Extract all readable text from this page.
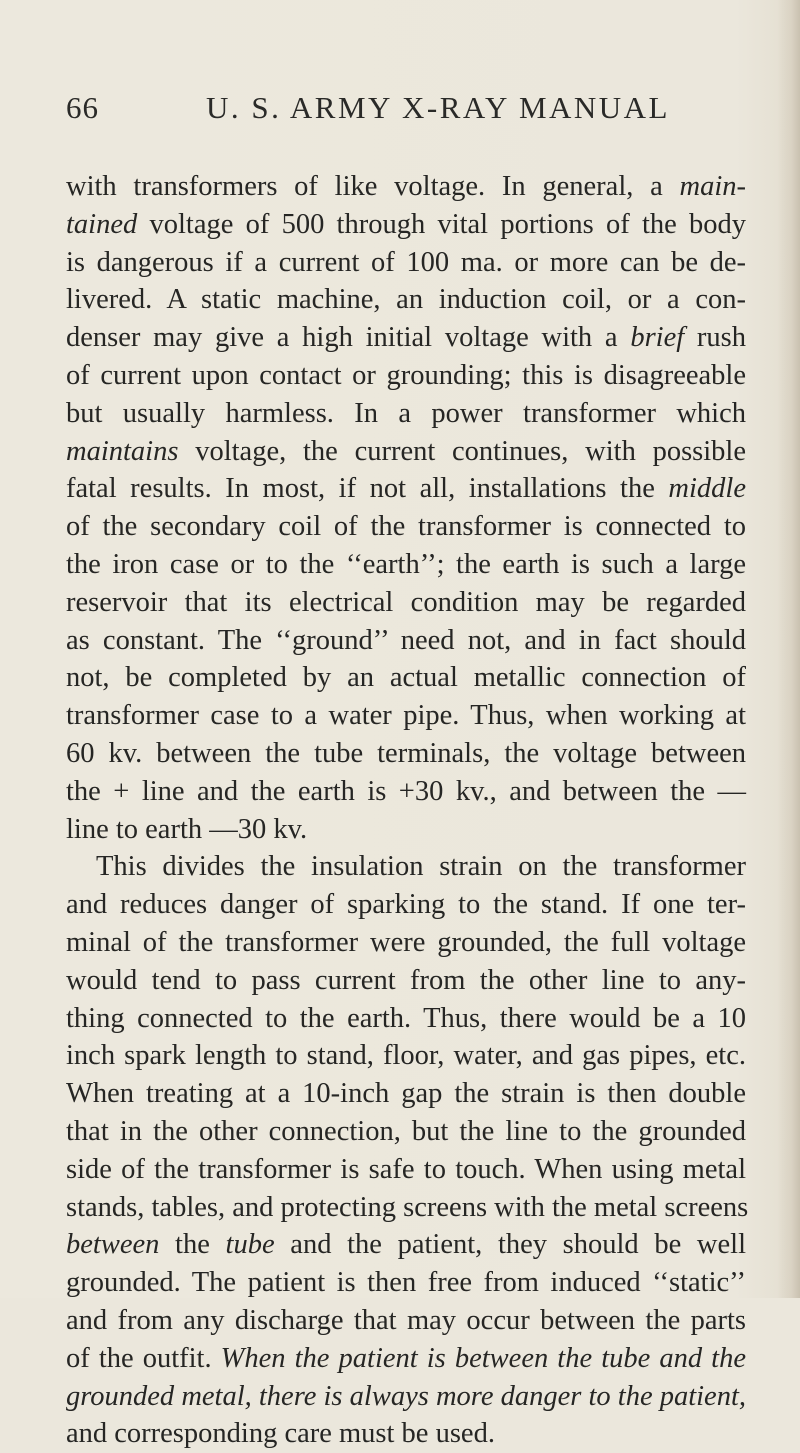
66	U. S. ARMY X-RAY MANUAL
with transformers of like voltage. In general, a main-
tained voltage of 500 through vital portions of the body
is dangerous if a current of 100 ma. or more can be de-
livered. A static machine, an induction coil, or a con-
denser may give a high initial voltage with a brief rush
of current upon contact or grounding; this is disagreeable
but usually harmless. In a power transformer which
maintains voltage, the current continues, with possible
fatal results. In most, if not all, installations the middle
of the secondary coil of the transformer is connected to
the iron case or to the ‘‘earth’’; the earth is such a large
reservoir that its electrical condition may be regarded
as constant. The ‘‘ground’’ need not, and in fact should
not, be completed by an actual metallic connection of
transformer case to a water pipe. Thus, when working at
60 kv. between the tube terminals, the voltage between
the + line and the earth is +30 kv., and between the —
line to earth —30 kv.
This divides the insulation strain on the transformer
and reduces danger of sparking to the stand. If one ter-
minal of the transformer were grounded, the full voltage
would tend to pass current from the other line to any-
thing connected to the earth. Thus, there would be a 10
inch spark length to stand, floor, water, and gas pipes, etc.
When treating at a 10-inch gap the strain is then double
that in the other connection, but the line to the grounded
side of the transformer is safe to touch. When using metal
stands, tables, and protecting screens with the metal screens
between the tube and the patient, they should be well
grounded. The patient is then free from induced ‘‘static’’
and from any discharge that may occur between the parts
of the outfit. When the patient is between the tube and the
grounded metal, there is always more danger to the patient,
and corresponding care must be used.
